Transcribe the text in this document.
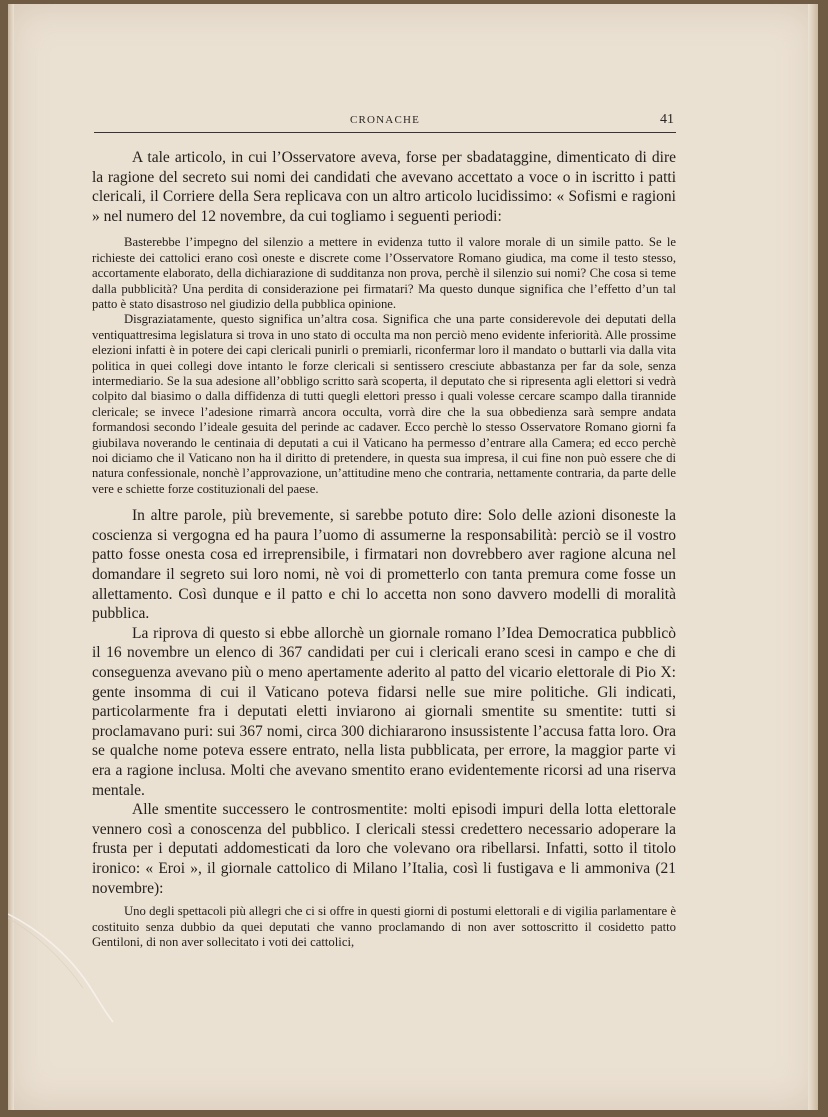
CRONACHE	41

A tale articolo, in cui l’Osservatore aveva, forse per sbadataggine, dimenticato di dire la ragione del secreto sui nomi dei candidati che avevano accettato a voce o in iscritto i patti clericali, il Corriere della Sera replicava con un altro articolo lucidissimo: « Sofismi e ragioni » nel numero del 12 novembre, da cui togliamo i seguenti periodi:

Basterebbe l’impegno del silenzio a mettere in evidenza tutto il valore morale di un simile patto. Se le richieste dei cattolici erano così oneste e discrete come l’Osservatore Romano giudica, ma come il testo stesso, accortamente elaborato, della dichiarazione di sudditanza non prova, perchè il silenzio sui nomi? Che cosa si teme dalla pubblicità? Una perdita di considerazione pei firmatari? Ma questo dunque significa che l’effetto d’un tal patto è stato disastroso nel giudizio della pubblica opinione.

Disgraziatamente, questo significa un’altra cosa. Significa che una parte considerevole dei deputati della ventiquattresima legislatura si trova in uno stato di occulta ma non perciò meno evidente inferiorità. Alle prossime elezioni infatti è in potere dei capi clericali punirli o premiarli, riconfermar loro il mandato o buttarli via dalla vita politica in quei collegi dove intanto le forze clericali si sentissero cresciute abbastanza per far da sole, senza intermediario. Se la sua adesione all’obbligo scritto sarà scoperta, il deputato che si ripresenta agli elettori si vedrà colpito dal biasimo o dalla diffidenza di tutti quegli elettori presso i quali volesse cercare scampo dalla tirannide clericale; se invece l’adesione rimarrà ancora occulta, vorrà dire che la sua obbedienza sarà sempre andata formandosi secondo l’ideale gesuita del perinde ac cadaver. Ecco perchè lo stesso Osservatore Romano giorni fa giubilava noverando le centinaia di deputati a cui il Vaticano ha permesso d’entrare alla Camera; ed ecco perchè noi diciamo che il Vaticano non ha il diritto di pretendere, in questa sua impresa, il cui fine non può essere che di natura confessionale, nonchè l’approvazione, un’attitudine meno che contraria, nettamente contraria, da parte delle vere e schiette forze costituzionali del paese.

In altre parole, più brevemente, si sarebbe potuto dire: Solo delle azioni disoneste la coscienza si vergogna ed ha paura l’uomo di assumerne la responsabilità: perciò se il vostro patto fosse onesta cosa ed irreprensibile, i firmatari non dovrebbero aver ragione alcuna nel domandare il segreto sui loro nomi, nè voi di prometterlo con tanta premura come fosse un allettamento. Così dunque e il patto e chi lo accetta non sono davvero modelli di moralità pubblica.

La riprova di questo si ebbe allorchè un giornale romano l’Idea Democratica pubblicò il 16 novembre un elenco di 367 candidati per cui i clericali erano scesi in campo e che di conseguenza avevano più o meno apertamente aderito al patto del vicario elettorale di Pio X: gente insomma di cui il Vaticano poteva fidarsi nelle sue mire politiche. Gli indicati, particolarmente fra i deputati eletti inviarono ai giornali smentite su smentite: tutti si proclamavano puri: sui 367 nomi, circa 300 dichiararono insussistente l’accusa fatta loro. Ora se qualche nome poteva essere entrato, nella lista pubblicata, per errore, la maggior parte vi era a ragione inclusa. Molti che avevano smentito erano evidentemente ricorsi ad una riserva mentale.

Alle smentite successero le controsmentite: molti episodi impuri della lotta elettorale vennero così a conoscenza del pubblico. I clericali stessi credettero necessario adoperare la frusta per i deputati addomesticati da loro che volevano ora ribellarsi. Infatti, sotto il titolo ironico: « Eroi », il giornale cattolico di Milano l’Italia, così li fustigava e li ammoniva (21 novembre):

Uno degli spettacoli più allegri che ci si offre in questi giorni di postumi elettorali e di vigilia parlamentare è costituito senza dubbio da quei deputati che vanno proclamando di non aver sottoscritto il cosidetto patto Gentiloni, di non aver sollecitato i voti dei cattolici,
